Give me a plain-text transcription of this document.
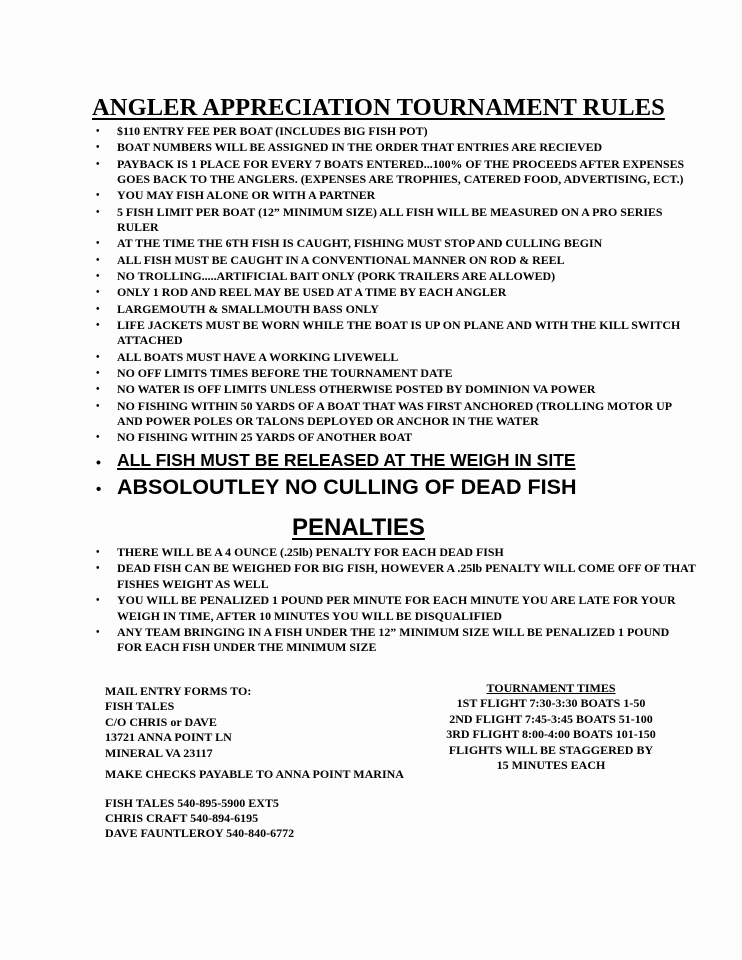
ANGLER APPRECIATION TOURNAMENT RULES
• $110 ENTRY FEE PER BOAT (INCLUDES BIG FISH POT)
• BOAT NUMBERS WILL BE ASSIGNED IN THE ORDER THAT ENTRIES ARE RECIEVED
• PAYBACK IS 1 PLACE FOR EVERY 7 BOATS ENTERED...100% OF THE PROCEEDS AFTER EXPENSES GOES BACK TO THE ANGLERS. (EXPENSES ARE TROPHIES, CATERED FOOD, ADVERTISING, ECT.)
• YOU MAY FISH ALONE OR WITH A PARTNER
• 5 FISH LIMIT PER BOAT (12” MINIMUM SIZE) ALL FISH WILL BE MEASURED ON A PRO SERIES RULER
• AT THE TIME THE 6TH FISH IS CAUGHT, FISHING MUST STOP AND CULLING BEGIN
• ALL FISH MUST BE CAUGHT IN A CONVENTIONAL MANNER ON ROD & REEL
• NO TROLLING.....ARTIFICIAL BAIT ONLY (PORK TRAILERS ARE ALLOWED)
• ONLY 1 ROD AND REEL MAY BE USED AT A TIME BY EACH ANGLER
• LARGEMOUTH & SMALLMOUTH BASS ONLY
• LIFE JACKETS MUST BE WORN WHILE THE BOAT IS UP ON PLANE AND WITH THE KILL SWITCH ATTACHED
• ALL BOATS MUST HAVE A WORKING LIVEWELL
• NO OFF LIMITS TIMES BEFORE THE TOURNAMENT DATE
• NO WATER IS OFF LIMITS UNLESS OTHERWISE POSTED BY DOMINION VA POWER
• NO FISHING WITHIN 50 YARDS OF A BOAT THAT WAS FIRST ANCHORED (TROLLING MOTOR UP AND POWER POLES OR TALONS DEPLOYED OR ANCHOR IN THE WATER
• NO FISHING WITHIN 25 YARDS OF ANOTHER BOAT
• ALL FISH MUST BE RELEASED AT THE WEIGH IN SITE
• ABSOLOUTLEY NO CULLING OF DEAD FISH
PENALTIES
• THERE WILL BE A 4 OUNCE (.25lb) PENALTY FOR EACH DEAD FISH
• DEAD FISH CAN BE WEIGHED FOR BIG FISH, HOWEVER A .25lb PENALTY WILL COME OFF OF THAT FISHES WEIGHT AS WELL
• YOU WILL BE PENALIZED 1 POUND PER MINUTE FOR EACH MINUTE YOU ARE LATE FOR YOUR WEIGH IN TIME, AFTER 10 MINUTES YOU WILL BE DISQUALIFIED
• ANY TEAM BRINGING IN A FISH UNDER THE 12” MINIMUM SIZE WILL BE PENALIZED 1 POUND FOR EACH FISH UNDER THE MINIMUM SIZE
MAIL ENTRY FORMS TO:
FISH TALES
C/O CHRIS or DAVE
13721 ANNA POINT LN
MINERAL VA 23117
MAKE CHECKS PAYABLE TO ANNA POINT MARINA
FISH TALES 540-895-5900 EXT5
CHRIS CRAFT 540-894-6195
DAVE FAUNTLEROY 540-840-6772
TOURNAMENT TIMES
1ST FLIGHT 7:30-3:30 BOATS 1-50
2ND FLIGHT 7:45-3:45 BOATS 51-100
3RD FLIGHT 8:00-4:00 BOATS 101-150
FLIGHTS WILL BE STAGGERED BY
15 MINUTES EACH
